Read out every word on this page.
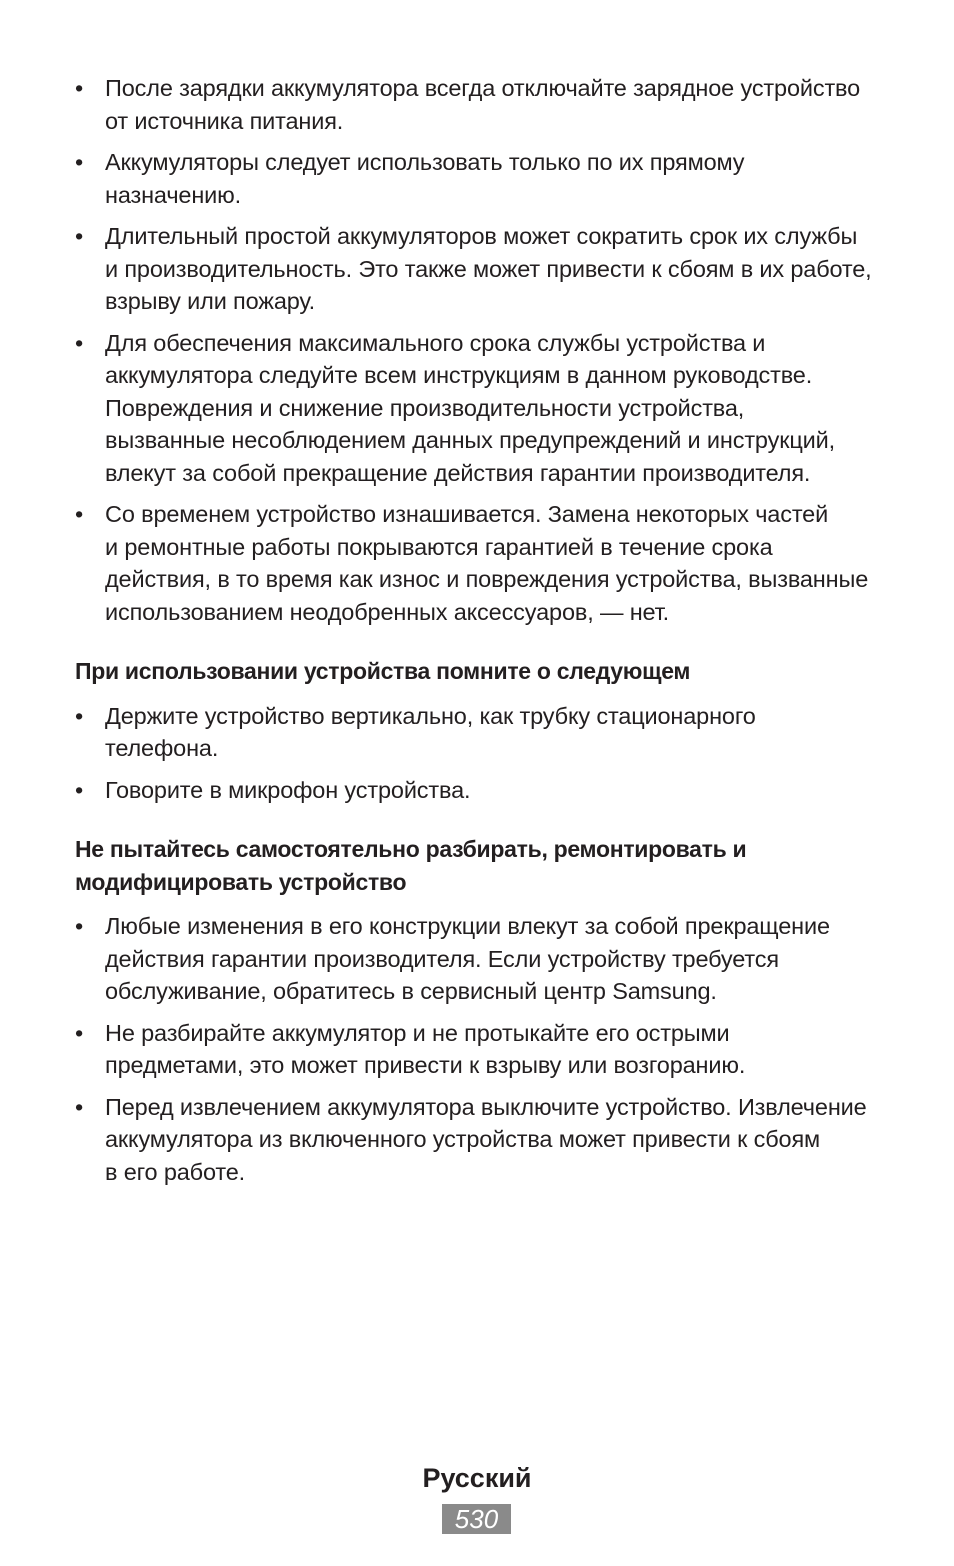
• После зарядки аккумулятора всегда отключайте зарядное устройство
от источника питания.
• Аккумуляторы следует использовать только по их прямому
назначению.
• Длительный простой аккумуляторов может сократить срок их службы
и производительность. Это также может привести к сбоям в их работе,
взрыву или пожару.
• Для обеспечения максимального срока службы устройства и
аккумулятора следуйте всем инструкциям в данном руководстве.
Повреждения и снижение производительности устройства,
вызванные несоблюдением данных предупреждений и инструкций,
влекут за собой прекращение действия гарантии производителя.
• Со временем устройство изнашивается. Замена некоторых частей
и ремонтные работы покрываются гарантией в течение срока
действия, в то время как износ и повреждения устройства, вызванные
использованием неодобренных аксессуаров, — нет.
При использовании устройства помните о следующем
• Держите устройство вертикально, как трубку стационарного
телефона.
• Говорите в микрофон устройства.
Не пытайтесь самостоятельно разбирать, ремонтировать и
модифицировать устройство
• Любые изменения в его конструкции влекут за собой прекращение
действия гарантии производителя. Если устройству требуется
обслуживание, обратитесь в сервисный центр Samsung.
• Не разбирайте аккумулятор и не протыкайте его острыми
предметами, это может привести к взрыву или возгоранию.
• Перед извлечением аккумулятора выключите устройство. Извлечение
аккумулятора из включенного устройства может привести к сбоям
в его работе.
Русский
530
